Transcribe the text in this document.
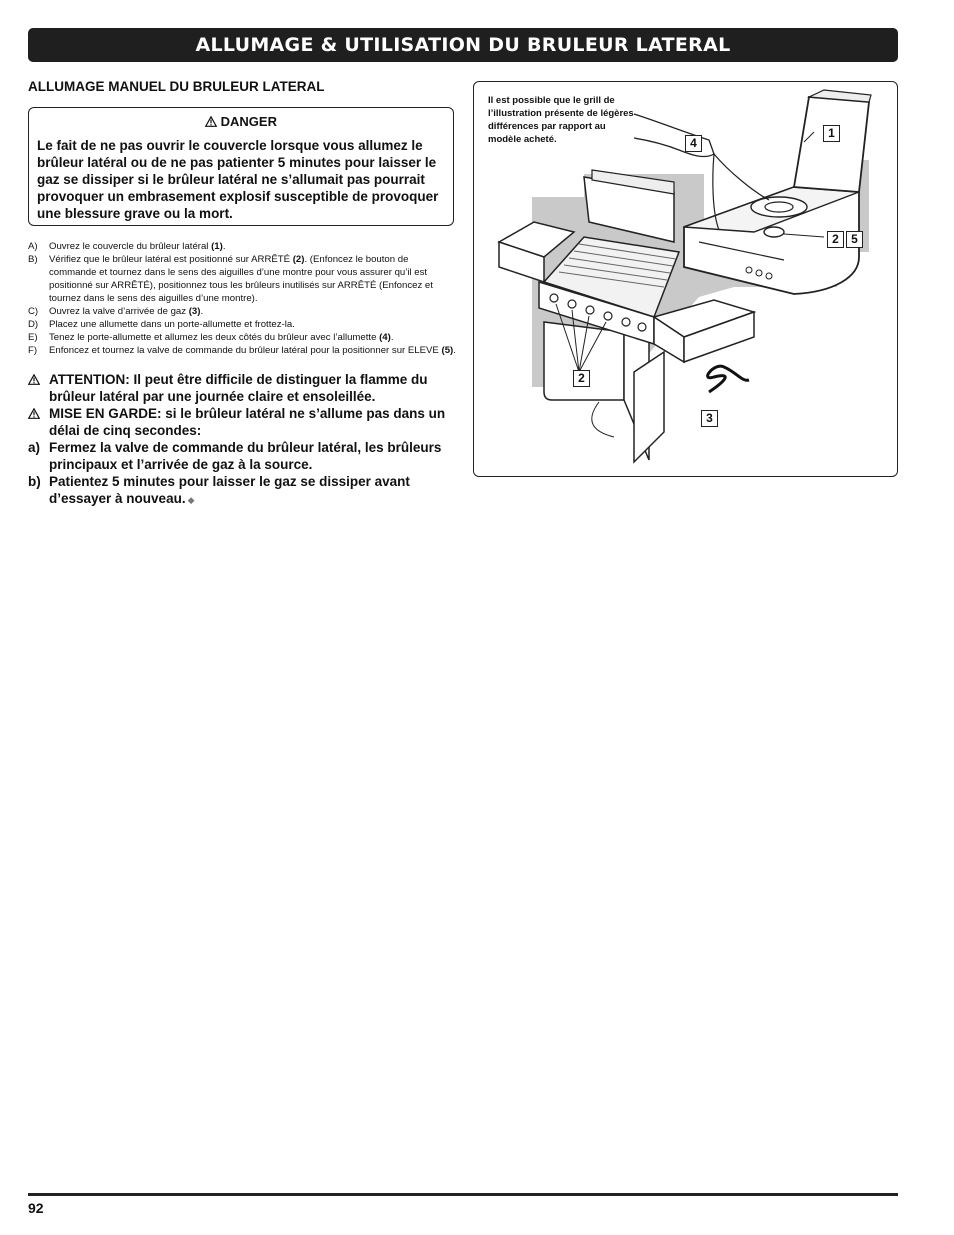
ALLUMAGE & UTILISATION DU BRULEUR LATERAL
ALLUMAGE MANUEL DU BRULEUR LATERAL
DANGER
Le fait de ne pas ouvrir le couvercle lorsque vous allumez le brûleur latéral ou de ne pas patienter 5 minutes pour laisser le gaz se dissiper si le brûleur latéral ne s’allumait pas pourrait provoquer un embrasement explosif susceptible de provoquer une blessure grave ou la mort.
A)	Ouvrez le couvercle du brûleur latéral (1).
B)	Vérifiez que le brûleur latéral est positionné sur ARRÊTÉ (2). (Enfoncez le bouton de commande et tournez dans le sens des aiguilles d’une montre pour vous assurer qu’il est positionné sur ARRÊTÉ), positionnez tous les brûleurs inutilisés sur ARRÊTÉ (Enfoncez et tournez dans le sens des aiguilles d’une montre).
C)	Ouvrez la valve d’arrivée de gaz (3).
D)	Placez une allumette dans un porte-allumette et frottez-la.
E)	Tenez le porte-allumette et allumez les deux côtés du brûleur avec l’allumette (4).
F)	Enfoncez et tournez la valve de commande du brûleur latéral pour la positionner sur ELEVE (5).
ATTENTION: Il peut être difficile de distinguer la flamme du brûleur latéral par une journée claire et ensoleillée.
MISE EN GARDE: si le brûleur latéral ne s’allume pas dans un délai de cinq secondes:
a) Fermez la valve de commande du brûleur latéral, les brûleurs principaux et l’arrivée de gaz à la source.
b) Patientez 5 minutes pour laisser le gaz se dissiper avant d’essayer à nouveau. ◆
Il est possible que le grill de l’illustration présente de légères différences par rapport au modèle acheté.	1
4
2	5
2
3
92
